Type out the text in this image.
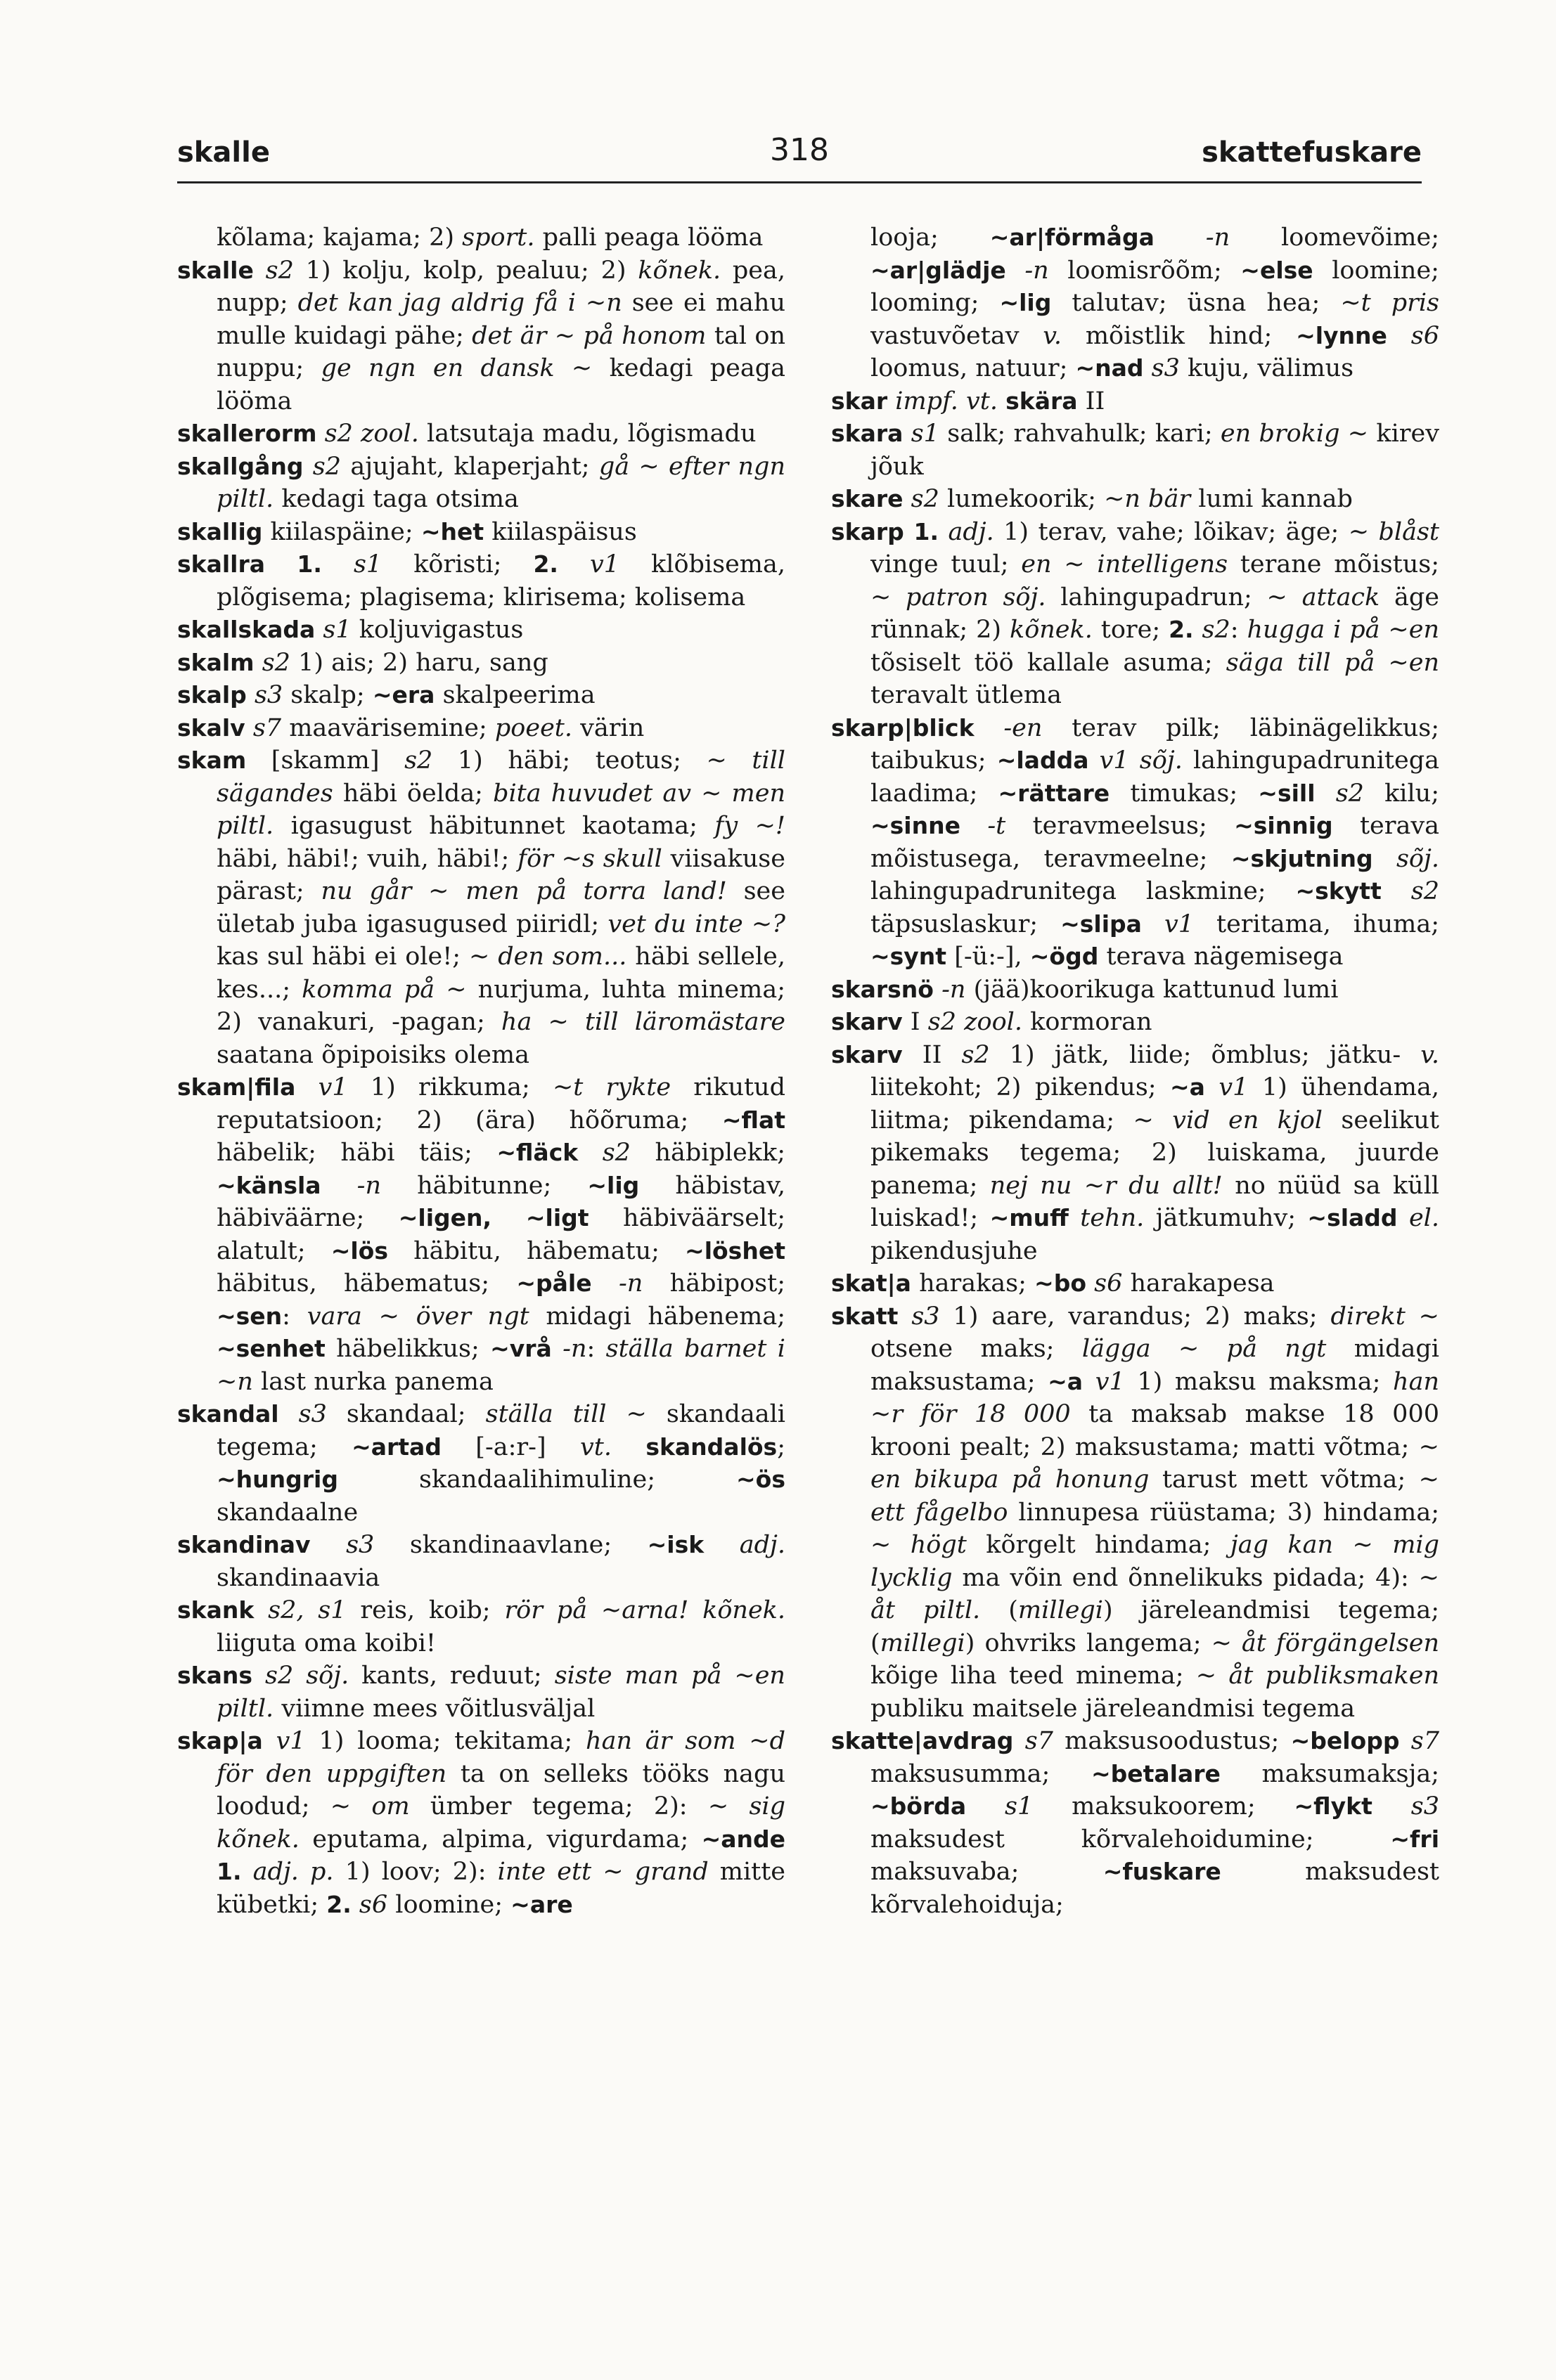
skalle	318	skattefuskare

kõlama; kajama; 2) sport. palli peaga lööma

skalle s2 1) kolju, kolp, pealuu; 2) kõnek. pea, nupp; det kan jag aldrig få i ~n see ei mahu mulle kuidagi pähe; det är ~ på honom tal on nuppu; ge ngn en dansk ~ kedagi peaga lööma

skallerorm s2 zool. latsutaja madu, lõgismadu

skallgång s2 ajujaht, klaperjaht; gå ~ efter ngn piltl. kedagi taga otsima

skallig kiilaspäine; ~het kiilaspäisus

skallra 1. s1 kõristi; 2. v1 klõbisema, plõgisema; plagisema; klirisema; kolisema

skallskada s1 koljuvigastus

skalm s2 1) ais; 2) haru, sang

skalp s3 skalp; ~era skalpeerima

skalv s7 maavärisemine; poeet. värin

skam [skamm] s2 1) häbi; teotus; ~ till sägandes häbi öelda; bita huvudet av ~ men piltl. igasugust häbitunnet kaotama; fy ~! häbi, häbi!; vuih, häbi!; för ~s skull viisakuse pärast; nu går ~ men på torra land! see ületab juba igasugused piiridl; vet du inte ~? kas sul häbi ei ole!; ~ den som... häbi sellele, kes...; komma på ~ nurjuma, luhta minema; 2) vanakuri, -pagan; ha ~ till läromästare saatana õpipoisiks olema

skam|fila v1 1) rikkuma; ~t rykte rikutud reputatsioon; 2) (ära) hõõruma; ~flat häbelik; häbi täis; ~fläck s2 häbiplekk; ~känsla -n häbitunne; ~lig häbistav, häbiväärne; ~ligen, ~ligt häbiväärselt; alatult; ~lös häbitu, häbematu; ~löshet häbitus, häbematus; ~påle -n häbipost; ~sen: vara ~ över ngt midagi häbenema; ~senhet häbelikkus; ~vrå -n: ställa barnet i ~n last nurka panema

skandal s3 skandaal; ställa till ~ skandaali tegema; ~artad [-a:r-] vt. skandalös; ~hungrig skandaalihimuline; ~ös skandaalne

skandinav s3 skandinaavlane; ~isk adj. skandinaavia

skank s2, s1 reis, koib; rör på ~arna! kõnek. liiguta oma koibi!

skans s2 sõj. kants, reduut; siste man på ~en piltl. viimne mees võitlusväljal

skap|a v1 1) looma; tekitama; han är som ~d för den uppgiften ta on selleks tööks nagu loodud; ~ om ümber tegema; 2): ~ sig kõnek. eputama, alpima, vigurdama; ~ande 1. adj. p. 1) loov; 2): inte ett ~ grand mitte kübetki; 2. s6 loomine; ~are

looja; ~ar|förmåga -n loomevõime; ~ar|glädje -n loomisrõõm; ~else loomine; looming; ~lig talutav; üsna hea; ~t pris vastuvõetav v. mõistlik hind; ~lynne s6 loomus, natuur; ~nad s3 kuju, välimus

skar impf. vt. skära II

skara s1 salk; rahvahulk; kari; en brokig ~ kirev jõuk

skare s2 lumekoorik; ~n bär lumi kannab

skarp 1. adj. 1) terav, vahe; lõikav; äge; ~ blåst vinge tuul; en ~ intelligens terane mõistus; ~ patron sõj. lahingupadrun; ~ attack äge rünnak; 2) kõnek. tore; 2. s2: hugga i på ~en tõsiselt töö kallale asuma; säga till på ~en teravalt ütlema

skarp|blick -en terav pilk; läbinägelikkus; taibukus; ~ladda v1 sõj. lahingupadrunitega laadima; ~rättare timukas; ~sill s2 kilu; ~sinne -t teravmeelsus; ~sinnig terava mõistusega, teravmeelne; ~skjutning sõj. lahingupadrunitega laskmine; ~skytt s2 täpsuslaskur; ~slipa v1 teritama, ihuma; ~synt [-ü:-], ~ögd terava nägemisega

skarsnö -n (jää)koorikuga kattunud lumi

skarv I s2 zool. kormoran

skarv II s2 1) jätk, liide; õmblus; jätku- v. liitekoht; 2) pikendus; ~a v1 1) ühendama, liitma; pikendama; ~ vid en kjol seelikut pikemaks tegema; 2) luiskama, juurde panema; nej nu ~r du allt! no nüüd sa küll luiskad!; ~muff tehn. jätkumuhv; ~sladd el. pikendusjuhe

skat|a harakas; ~bo s6 harakapesa

skatt s3 1) aare, varandus; 2) maks; direkt ~ otsene maks; lägga ~ på ngt midagi maksustama; ~a v1 1) maksu maksma; han ~r för 18 000 ta maksab makse 18 000 krooni pealt; 2) maksustama; matti võtma; ~ en bikupa på honung tarust mett võtma; ~ ett fågelbo linnupesa rüüstama; 3) hindama; ~ högt kõrgelt hindama; jag kan ~ mig lycklig ma võin end õnnelikuks pidada; 4): ~ åt piltl. (millegi) järeleandmisi tegema; (millegi) ohvriks langema; ~ åt förgängelsen kõige liha teed minema; ~ åt publiksmaken publiku maitsele järeleandmisi tegema

skatte|avdrag s7 maksusoodustus; ~belopp s7 maksusumma; ~betalare maksumaksja; ~börda s1 maksukoorem; ~flykt s3 maksudest kõrvalehoidumine; ~fri maksuvaba; ~fuskare maksudest kõrvalehoiduja;
